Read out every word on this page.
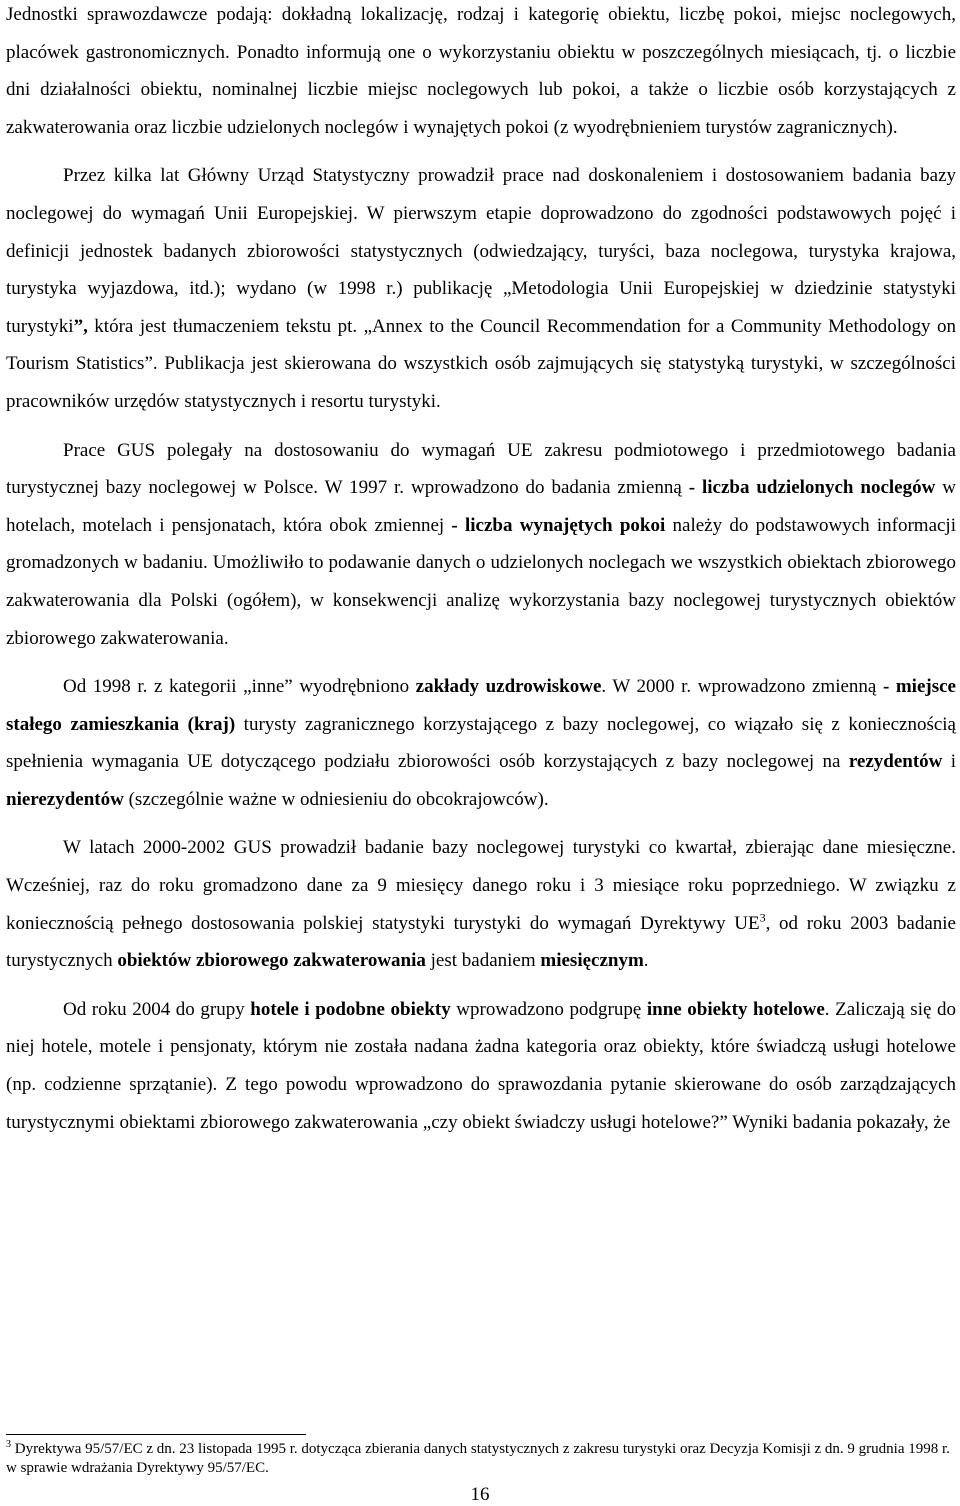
Jednostki sprawozdawcze podają: dokładną lokalizację, rodzaj i kategorię obiektu, liczbę pokoi, miejsc noclegowych, placówek gastronomicznych. Ponadto informują one o wykorzystaniu obiektu w poszczególnych miesiącach, tj. o liczbie dni działalności obiektu, nominalnej liczbie miejsc noclegowych lub pokoi, a także o liczbie osób korzystających z zakwaterowania oraz liczbie udzielonych noclegów i wynajętych pokoi (z wyodrębnieniem turystów zagranicznych).

Przez kilka lat Główny Urząd Statystyczny prowadził prace nad doskonaleniem i dostosowaniem badania bazy noclegowej do wymagań Unii Europejskiej. W pierwszym etapie doprowadzono do zgodności podstawowych pojęć i definicji jednostek badanych zbiorowości statystycznych (odwiedzający, turyści, baza noclegowa, turystyka krajowa, turystyka wyjazdowa, itd.); wydano (w 1998 r.) publikację „Metodologia Unii Europejskiej w dziedzinie statystyki turystyki”, która jest tłumaczeniem tekstu pt. „Annex to the Council Recommendation for a Community Methodology on Tourism Statistics”. Publikacja jest skierowana do wszystkich osób zajmujących się statystyką turystyki, w szczególności pracowników urzędów statystycznych i resortu turystyki.

Prace GUS polegały na dostosowaniu do wymagań UE zakresu podmiotowego i przedmiotowego badania turystycznej bazy noclegowej w Polsce. W 1997 r. wprowadzono do badania zmienną - liczba udzielonych noclegów w hotelach, motelach i pensjonatach, która obok zmiennej - liczba wynajętych pokoi należy do podstawowych informacji gromadzonych w badaniu. Umożliwiło to podawanie danych o udzielonych noclegach we wszystkich obiektach zbiorowego zakwaterowania dla Polski (ogółem), w konsekwencji analizę wykorzystania bazy noclegowej turystycznych obiektów zbiorowego zakwaterowania.

Od 1998 r. z kategorii „inne” wyodrębniono zakłady uzdrowiskowe. W 2000 r. wprowadzono zmienną - miejsce stałego zamieszkania (kraj) turysty zagranicznego korzystającego z bazy noclegowej, co wiązało się z koniecznością spełnienia wymagania UE dotyczącego podziału zbiorowości osób korzystających z bazy noclegowej na rezydentów i nierezydentów (szczególnie ważne w odniesieniu do obcokrajowców).

W latach 2000-2002 GUS prowadził badanie bazy noclegowej turystyki co kwartał, zbierając dane miesięczne. Wcześniej, raz do roku gromadzono dane za 9 miesięcy danego roku i 3 miesiące roku poprzedniego. W związku z koniecznością pełnego dostosowania polskiej statystyki turystyki do wymagań Dyrektywy $UE^3$, od roku 2003 badanie turystycznych obiektów zbiorowego zakwaterowania jest badaniem miesięcznym.

Od roku 2004 do grupy hotele i podobne obiekty wprowadzono podgrupę inne obiekty hotelowe. Zaliczają się do niej hotele, motele i pensjonaty, którym nie została nadana żadna kategoria oraz obiekty, które świadczą usługi hotelowe (np. codzienne sprzątanie). Z tego powodu wprowadzono do sprawozdania pytanie skierowane do osób zarządzających turystycznymi obiektami zbiorowego zakwaterowania „czy obiekt świadczy usługi hotelowe?” Wyniki badania pokazały, że

$^3$ Dyrektywa 95/57/EC z dn. 23 listopada 1995 r. dotycząca zbierania danych statystycznych z zakresu turystyki oraz Decyzja Komisji z dn. 9 grudnia 1998 r. w sprawie wdrażania Dyrektywy 95/57/EC.

16
